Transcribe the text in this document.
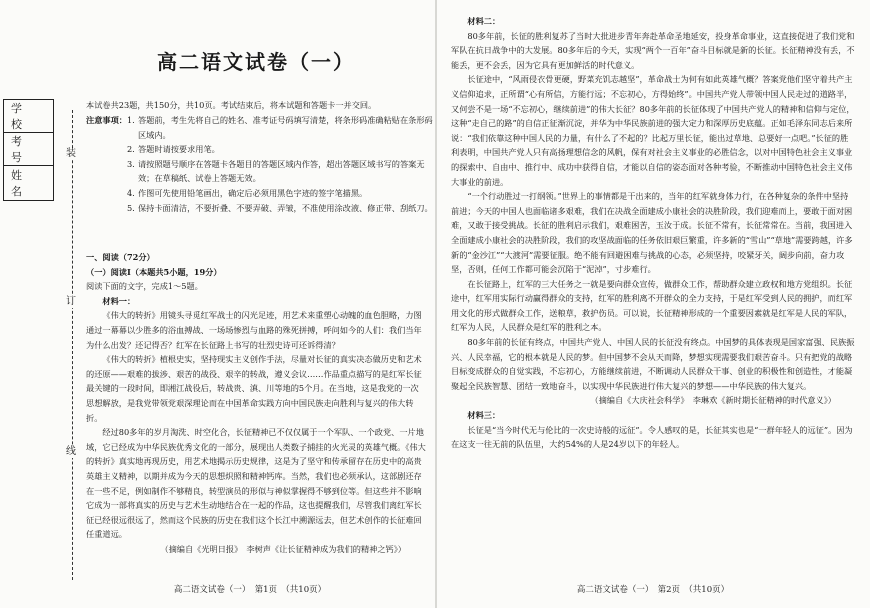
学 校
考 号
姓 名
装
订
线
高二语文试卷（一）
本试卷共23题，共150分，共10页。考试结束后，将本试题和答题卡一并交回。
注意事项： 1. 答题前，考生先将自己的姓名、准考证号码填写清楚，将条形码准确粘贴在条形码区域内。
2. 答题时请按要求用笔。
3. 请按照题号顺序在答题卡各题目的答题区域内作答，超出答题区域书写的答案无效；在草稿纸、试卷上答题无效。
4. 作图可先使用铅笔画出，确定后必须用黑色字迹的签字笔描黑。
5. 保持卡面清洁，不要折叠、不要弄破、弄皱，不准使用涂改液、修正带、刮纸刀。
一、阅读（72分）
（一）阅读Ⅰ（本题共5小题，19分）
阅读下面的文字，完成1～5题。
材料一：

《伟大的转折》用镜头寻觅红军战士的闪光足迹，用艺术来重塑心动魄的血色胆略，力图通过一幕幕以少胜多的浴血搏战、一场场惨烈与血路的殊死拼搏，呼问如今的人们：我们当年为什么出发？还记得否？红军在长征路上书写的壮烈史诗可还诉得清？

《伟大的转折》植根史实，坚持现实主义创作手法，尽量对长征的真实决态做历史和艺术的还原——艰难的拔涉、艰苦的战役、艰辛的转战，遵义会议……作品重点描写的是红军长征最关键的一段时间，即湘江战役后，转战贵、滇、川等地的5个月。在当地，这是我党的一次思想解放，是我党带领党艰深理论而在中国革命实践方向中国民族走向胜利与复兴的伟大转折。

经过80多年的岁月淘洗、时空化合，长征精神已不仅仅属于一个军队、一个政党、一片地域，它已经成为中华民族优秀文化的一部分，展现出人类数子捕挂的火光灵的英雄气概。《伟大的转折》真实地再现历史，用艺术地揭示历史规律，这是为了坚守和传承留存在历史中的高贵英雄主义精神，以期并成为今天的思想炽照和精神钙库。当然，我们也必须承认，这部剧还存在一些不足，例如制作不够精良，转型演员的形似与神似掌握得不够到位等。但这些并不影响它成为一部将真实的历史与艺术生动地结合在一起的作品，这也提醒我们，尽管我们离红军长征已经很远很远了，然而这个民族的历史在我们这个长江中溯源远去，但艺术创作的长征难回任重道远。

（摘编自《光明日报》　李树声《让长征精神成为我们的精神之钙》）
高二语文试卷（一）　第1页　（共10页）
材料二：

80多年前，长征的胜利复苏了当时大批进步青年奔赴革命圣地延安，投身革命事业，这直接促进了我们党和军队在抗日战争中的大发展。80多年后的今天，实现“两个一百年”奋斗目标就是新的长征。长征精神没有丢，不能丢，更不会丢，因为它具有更加鲜活的时代意义。

长征途中，“风雨侵衣骨更硬，野菜充饥志越坚”，革命战士为何有如此英雄气概？答案党他们坚守着共产主义信仰追求，正所谓“心有所信，方能行远；不忘初心，方得始终”。中国共产党人带领中国人民走过的道路半，又何尝不是一场“不忘初心，继续前进”的伟大长征？80多年前的长征体现了中国共产党人的精神和信仰与定位，这种“走自己的路”的自信正征渐沉淀，并华为中华民族前进的强大定力和深厚历史底蕴。正如毛泽东同志后来所说：“我们依靠这种中国人民的力量，有什么了不起的？比起万里长征，能出过草地、总要好一点吧。”长征的胜利表明，中国共产党人只有高扬理想信念的风帆，保有对社会主义事业的必胜信念，以对中国特色社会主义事业的探索中、自由中、推行中、成功中获得自信，才能以自信的姿态面对各种考验，不断推动中国特色社会主义伟大事业的前进。

“一个行动胜过一打纲领。”世界上的事情都是干出来的，当年的红军就身体力行，在各种复杂的条件中坚持前进；今天的中国人也面临诸多艰难，我们在决战全面建成小康社会的决胜阶段，我们迎难而上，要敢于面对困难，又敢于接受挑战。长征的胜利启示我们，艰难困苦，玉汝于成。长征不常有，长征常常在。当前，我国进入全面建成小康社会的决胜阶段，我们的攻坚战面临的任务依旧艰巨繁重，许多新的“雪山”“草地”需要跨越，许多新的“金沙江”“大渡河”需要征服。绝不能有回避困难与挑战的心态，必须坚持，咬紧牙关，阔步向前，奋力攻坚，否则，任何工作都可能会沉陷于“泥淖”，寸步难行。

在长征路上，红军的三大任务之一就是要向群众宣传，做群众工作，帮助群众建立政权和地方党组织。长征途中，红军用实际行动赢得群众的支持，红军的胜利离不开群众的全力支持，于是红军受到人民的拥护，而红军用文化的形式做群众工作，送粮草，救护伤员。可以说，长征精神形成的一个重要因素就是红军是人民的军队，红军为人民，人民群众是红军的胜利之本。

80多年前的长征有终点，中国共产党人、中国人民的长征没有终点。中国梦的具体表现是国家富强、民族振兴、人民幸福，它的根本就是人民的梦。但中国梦不会从天而降，梦想实现需要我们艰苦奋斗。只有把党的战略目标变成群众的自觉实践，不忘初心，方能继续前进，不断调动人民群众干事、创业的积极性和创造性，才能凝聚起全民族智慧、团结一致地奋斗，以实现中华民族进行伟大复兴的梦想——中华民族的伟大复兴。

（摘编自《大庆社会科学》　李琳欢《新时期长征精神的时代意义》）
材料三：

长征是“当今时代无与伦比的一次史诗般的远征”。令人感叹的是，长征其实也是“一群年轻人的远征”。因为在这支一往无前的队伍里，大约54%的人是24岁以下的年轻人。

高二语文试卷（一）　第2页　（共10页）
